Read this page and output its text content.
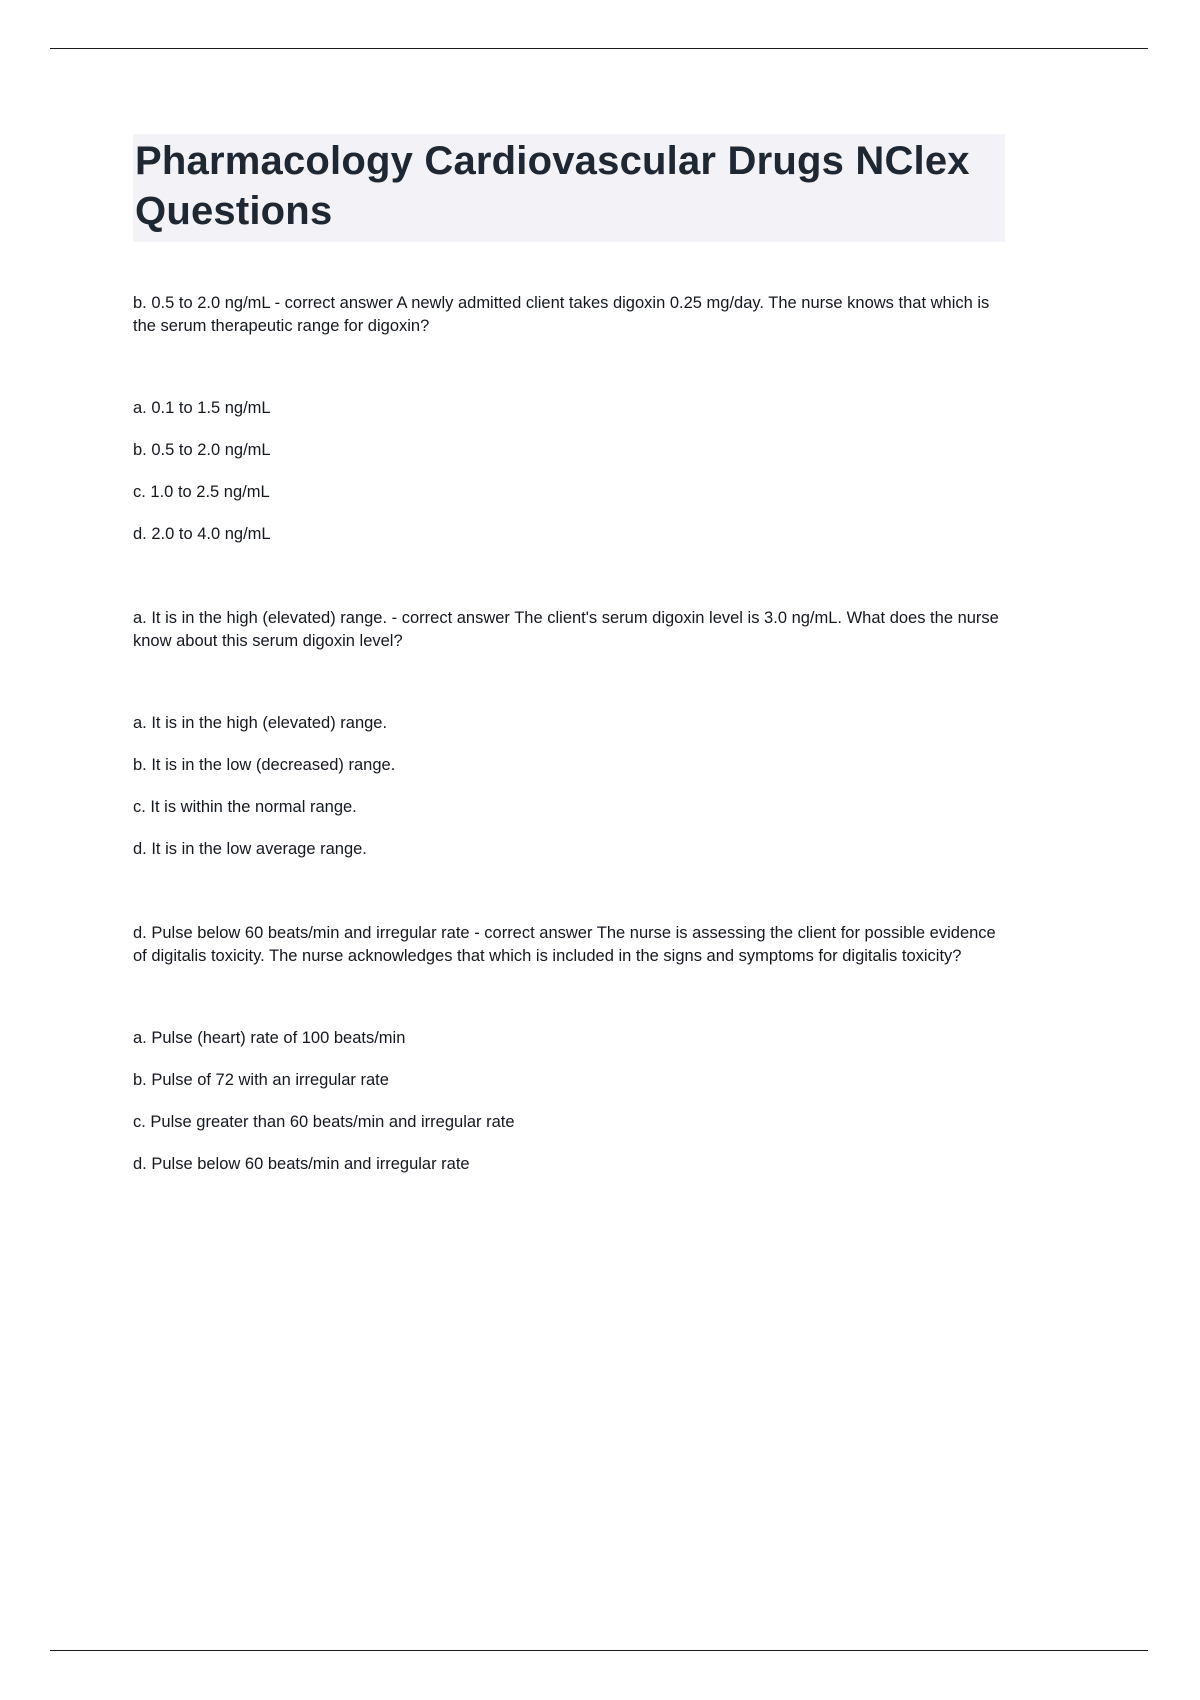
Pharmacology Cardiovascular Drugs NClex Questions

b. 0.5 to 2.0 ng/mL - correct answer A newly admitted client takes digoxin 0.25 mg/day. The nurse knows that which is the serum therapeutic range for digoxin?

a. 0.1 to 1.5 ng/mL

b. 0.5 to 2.0 ng/mL

c. 1.0 to 2.5 ng/mL

d. 2.0 to 4.0 ng/mL

a. It is in the high (elevated) range. - correct answer The client's serum digoxin level is 3.0 ng/mL. What does the nurse know about this serum digoxin level?

a. It is in the high (elevated) range.

b. It is in the low (decreased) range.

c. It is within the normal range.

d. It is in the low average range.

d. Pulse below 60 beats/min and irregular rate - correct answer The nurse is assessing the client for possible evidence of digitalis toxicity. The nurse acknowledges that which is included in the signs and symptoms for digitalis toxicity?

a. Pulse (heart) rate of 100 beats/min

b. Pulse of 72 with an irregular rate

c. Pulse greater than 60 beats/min and irregular rate

d. Pulse below 60 beats/min and irregular rate
